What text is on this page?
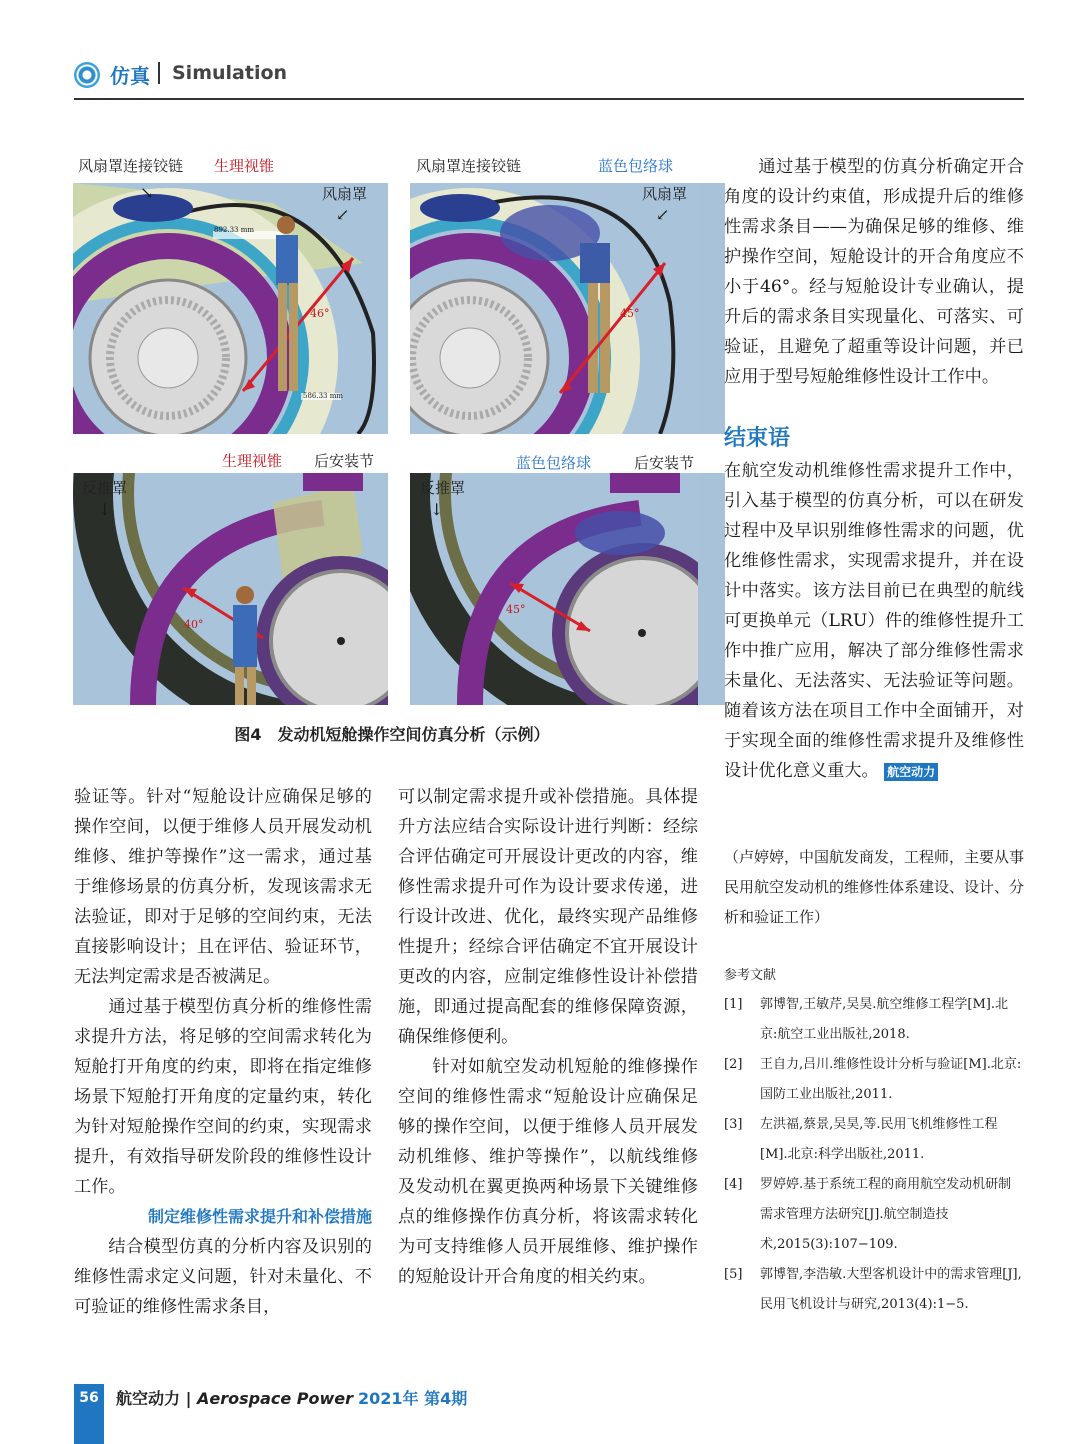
仿真 Simulation
风扇罩连接铰链 生理视锥	风扇罩连接铰链	蓝色包络球
风扇罩
↙
↘
892.33 mm
586.33 mm
46°
风扇罩
↙
45°
生理视锥 后安装节	蓝色包络球	后安装节
反推罩
↓
40°
反推罩
↓
45°
图4　发动机短舱操作空间仿真分析（示例）

验证等。针对“短舱设计应确保足够的操作空间，以便于维修人员开展发动机维修、维护等操作”这一需求，通过基于维修场景的仿真分析，发现该需求无法验证，即对于足够的空间约束，无法直接影响设计；且在评估、验证环节，无法判定需求是否被满足。

通过基于模型仿真分析的维修性需求提升方法，将足够的空间需求转化为短舱打开角度的约束，即将在指定维修场景下短舱打开角度的定量约束，转化为针对短舱操作空间的约束，实现需求提升，有效指导研发阶段的维修性设计工作。

制定维修性需求提升和补偿措施

结合模型仿真的分析内容及识别的维修性需求定义问题，针对未量化、不可验证的维修性需求条目，

可以制定需求提升或补偿措施。具体提升方法应结合实际设计进行判断：经综合评估确定可开展设计更改的内容，维修性需求提升可作为设计要求传递，进行设计改进、优化，最终实现产品维修性提升；经综合评估确定不宜开展设计更改的内容，应制定维修性设计补偿措施，即通过提高配套的维修保障资源，确保维修便利。

针对如航空发动机短舱的维修操作空间的维修性需求“短舱设计应确保足够的操作空间，以便于维修人员开展发动机维修、维护等操作”，以航线维修及发动机在翼更换两种场景下关键维修点的维修操作仿真分析，将该需求转化为可支持维修人员开展维修、维护操作的短舱设计开合角度的相关约束。

通过基于模型的仿真分析确定开合角度的设计约束值，形成提升后的维修性需求条目——为确保足够的维修、维护操作空间，短舱设计的开合角度应不小于46°。经与短舱设计专业确认，提升后的需求条目实现量化、可落实、可验证，且避免了超重等设计问题，并已应用于型号短舱维修性设计工作中。

结束语

在航空发动机维修性需求提升工作中，引入基于模型的仿真分析，可以在研发过程中及早识别维修性需求的问题，优化维修性需求，实现需求提升，并在设计中落实。该方法目前已在典型的航线可更换单元（LRU）件的维修性提升工作中推广应用，解决了部分维修性需求未量化、无法落实、无法验证等问题。随着该方法在项目工作中全面铺开，对于实现全面的维修性需求提升及维修性设计优化意义重大。 航空动力

（卢婷婷，中国航发商发，工程师，主要从事民用航空发动机的维修性体系建设、设计、分析和验证工作）
参考文献
[1]	郭博智,王敏芹,吴昊.航空维修工程学[M].北京:航空工业出版社,2018.
[2]	王自力,吕川.维修性设计分析与验证[M].北京:国防工业出版社,2011.
[3]	左洪福,蔡景,吴昊,等.民用飞机维修性工程[M].北京:科学出版社,2011.
[4]	罗婷婷.基于系统工程的商用航空发动机研制需求管理方法研究[J].航空制造技术,2015(3):107−109.
[5]	郭博智,李浩敏.大型客机设计中的需求管理[J],民用飞机设计与研究,2013(4):1−5.
56	航空动力 | Aerospace Power 2021年 第4期
